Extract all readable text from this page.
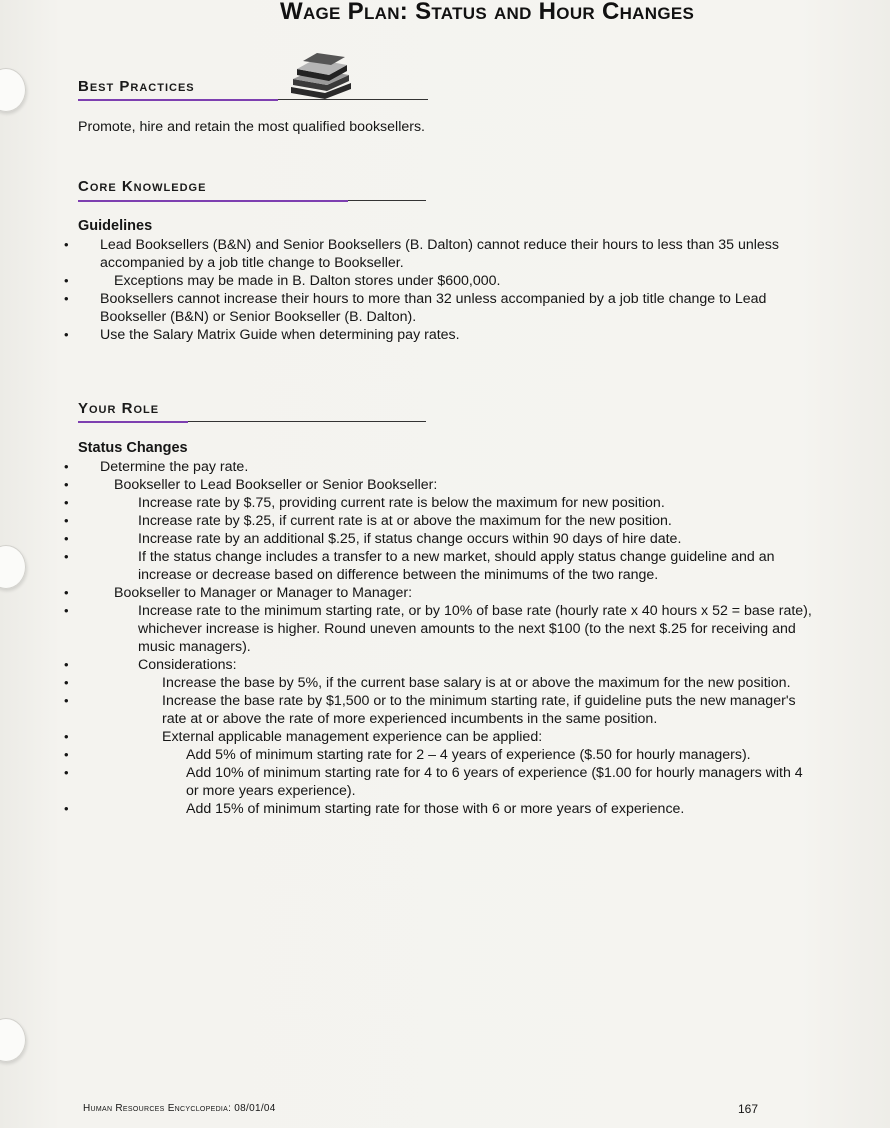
Wage Plan: Status and Hour Changes
Best Practices
Promote, hire and retain the most qualified booksellers.
Core Knowledge
Guidelines
• Lead Booksellers (B&N) and Senior Booksellers (B. Dalton) cannot reduce their hours to less than 35 unless accompanied by a job title change to Bookseller.
• Exceptions may be made in B. Dalton stores under $600,000.
• Booksellers cannot increase their hours to more than 32 unless accompanied by a job title change to Lead Bookseller (B&N) or Senior Bookseller (B. Dalton).
• Use the Salary Matrix Guide when determining pay rates.
Your Role
Status Changes
• Determine the pay rate.
• Bookseller to Lead Bookseller or Senior Bookseller:
• Increase rate by $.75, providing current rate is below the maximum for new position.
• Increase rate by $.25, if current rate is at or above the maximum for the new position.
• Increase rate by an additional $.25, if status change occurs within 90 days of hire date.
• If the status change includes a transfer to a new market, should apply status change guideline and an increase or decrease based on difference between the minimums of the two range.
• Bookseller to Manager or Manager to Manager:
• Increase rate to the minimum starting rate, or by 10% of base rate (hourly rate x 40 hours x 52 = base rate), whichever increase is higher. Round uneven amounts to the next $100 (to the next $.25 for receiving and music managers).
• Considerations:
• Increase the base by 5%, if the current base salary is at or above the maximum for the new position.
• Increase the base rate by $1,500 or to the minimum starting rate, if guideline puts the new manager's rate at or above the rate of more experienced incumbents in the same position.
• External applicable management experience can be applied:
• Add 5% of minimum starting rate for 2 – 4 years of experience ($.50 for hourly managers).
• Add 10% of minimum starting rate for 4 to 6 years of experience ($1.00 for hourly managers with 4 or more years experience).
• Add 15% of minimum starting rate for those with 6 or more years of experience.
Human Resources Encyclopedia: 08/01/04	167
